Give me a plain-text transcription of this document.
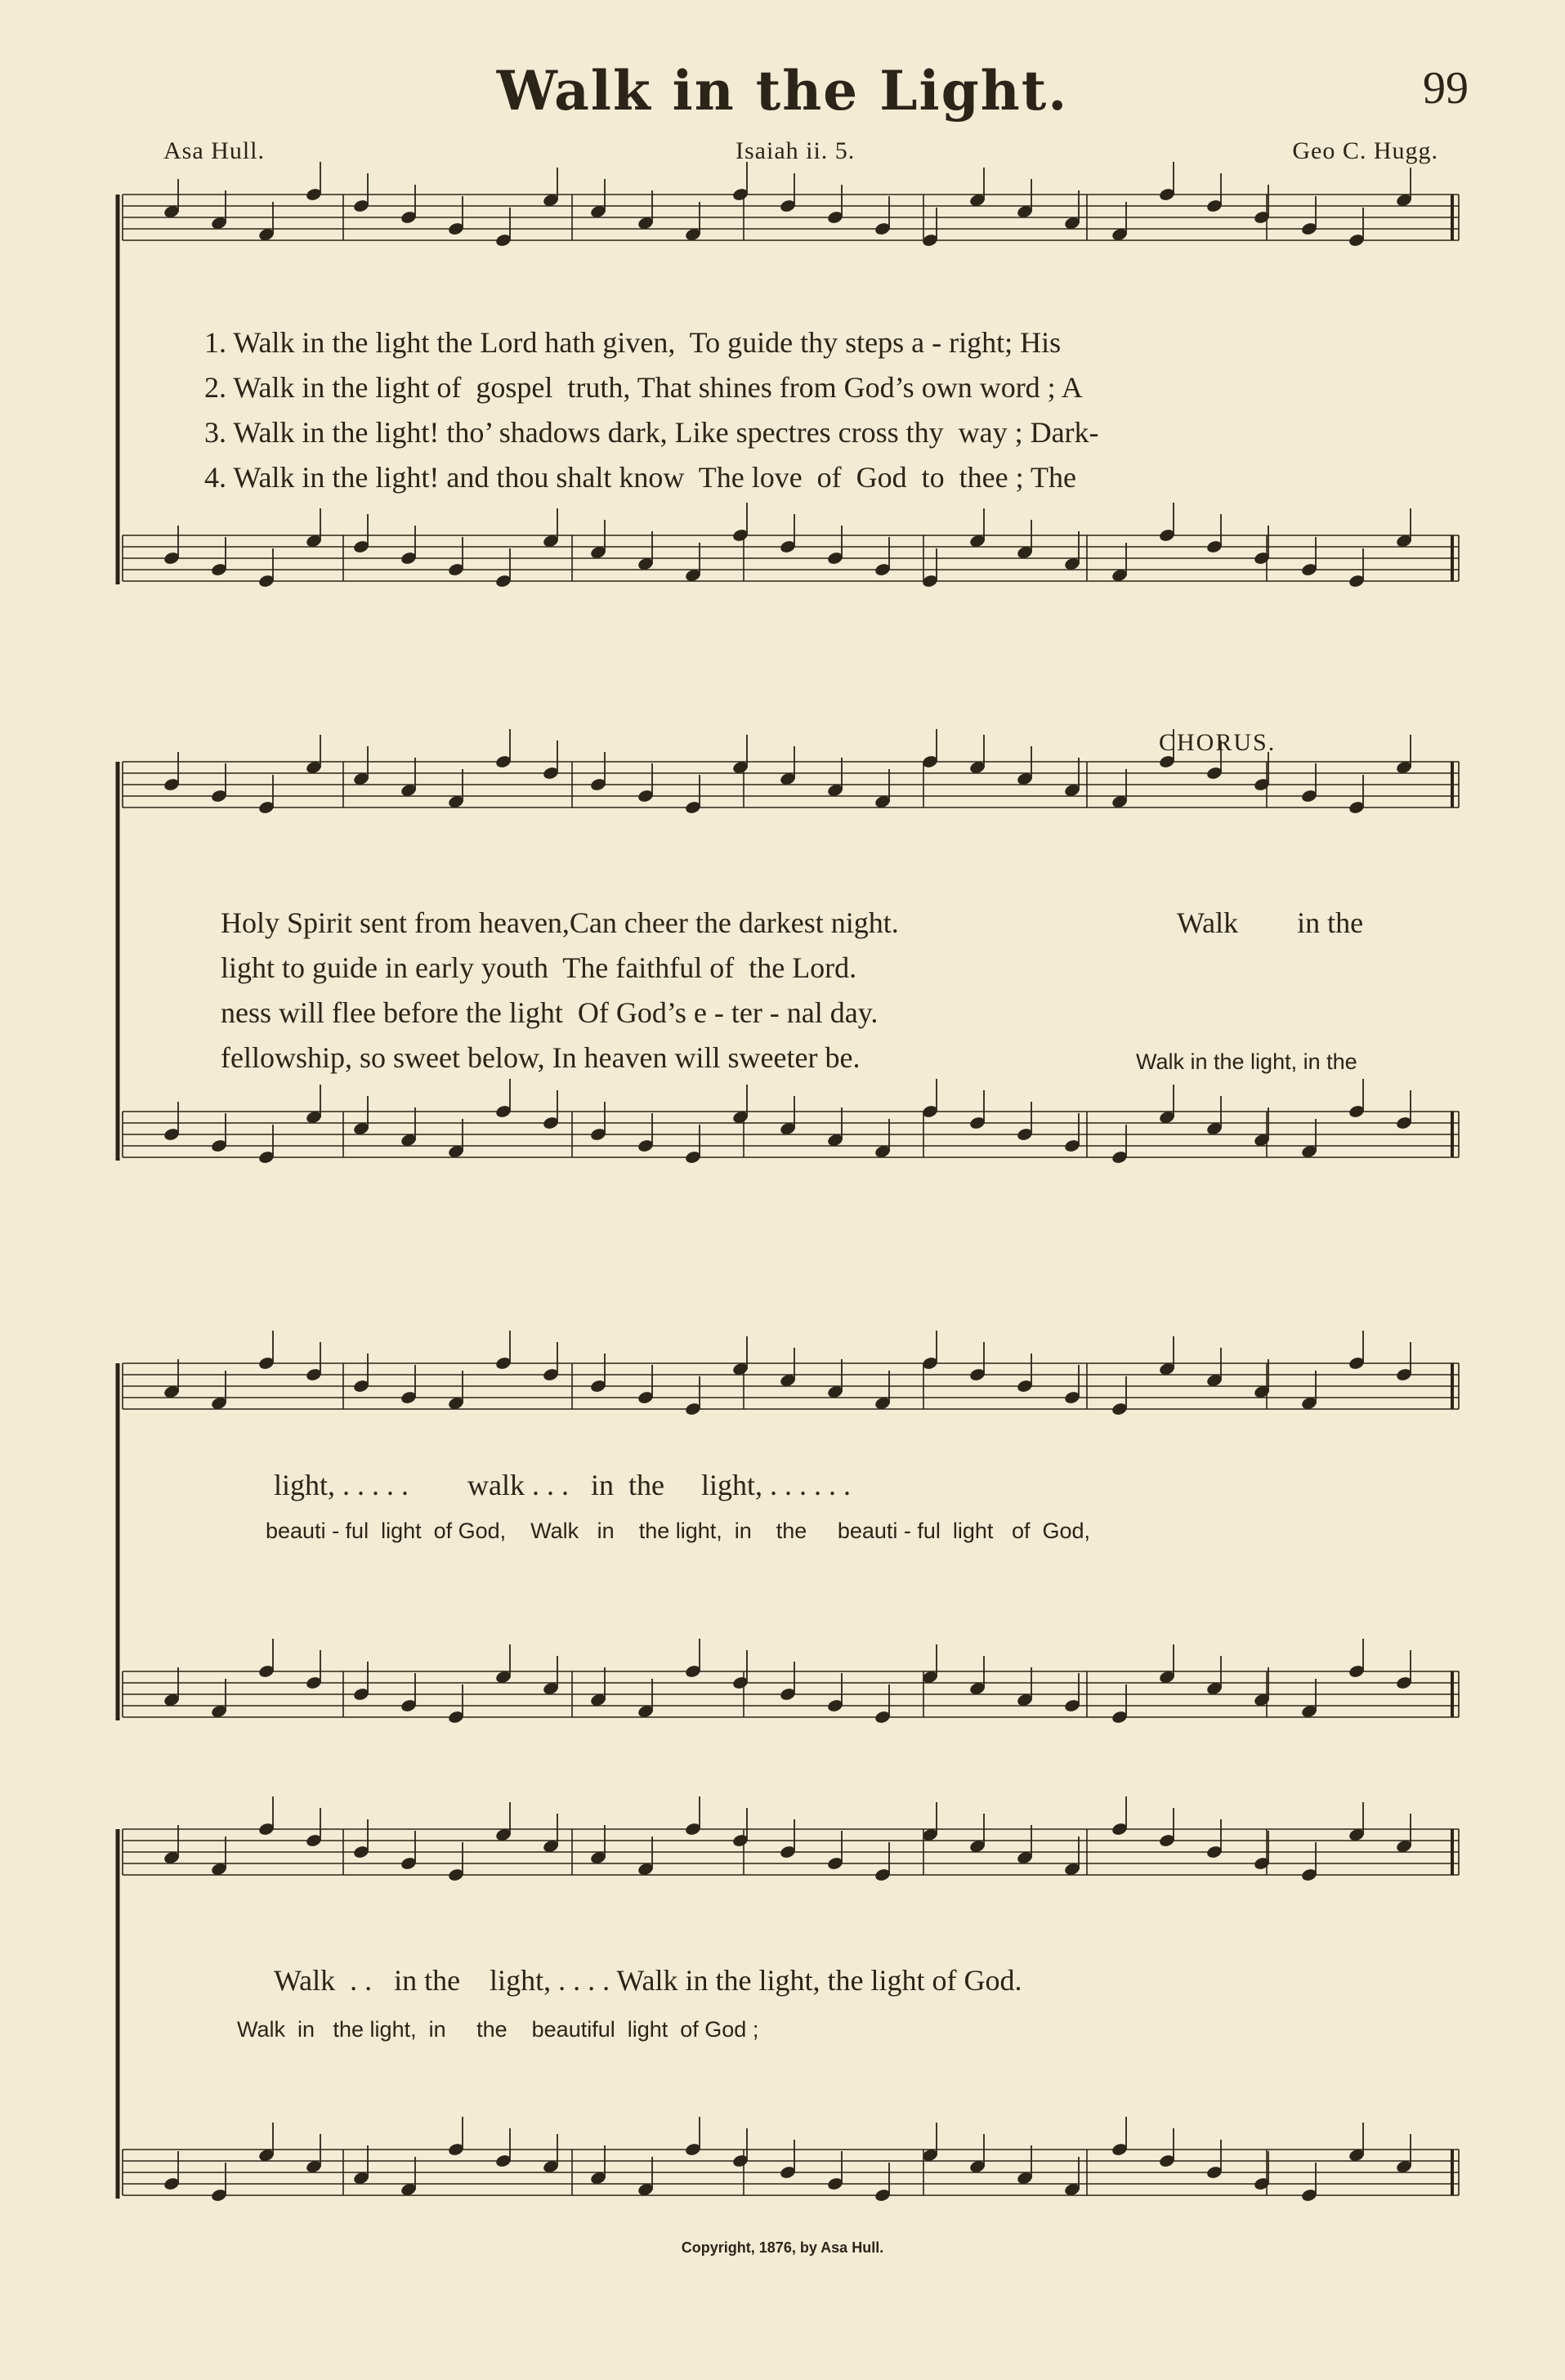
Walk in the Light.	99
Asa Hull.	Isaiah ii. 5.	Geo C. Hugg.
1. Walk in the light the Lord hath given,  To guide thy steps a - right; His
2. Walk in the light of  gospel  truth, That shines from God’s own word ; A
3. Walk in the light! tho’ shadows dark, Like spectres cross thy  way ; Dark-
4. Walk in the light! and thou shalt know  The love  of  God  to  thee ; The
CHORUS.
Holy Spirit sent from heaven,Can cheer the darkest night.
light to guide in early youth  The faithful of  the Lord.
ness will flee before the light  Of God’s e - ter - nal day.
fellowship, so sweet below, In heaven will sweeter be.
Walk        in the
Walk in the light, in the
light, . . . . .        walk . . .   in  the     light, . . . . . .
beauti - ful  light  of God,    Walk   in    the light,  in    the     beauti - ful  light   of  God,
Walk  . .   in the    light, . . . . Walk in the light, the light of God.
Walk  in   the light,  in     the    beautiful  light  of God ;
Copyright, 1876, by Asa Hull.
